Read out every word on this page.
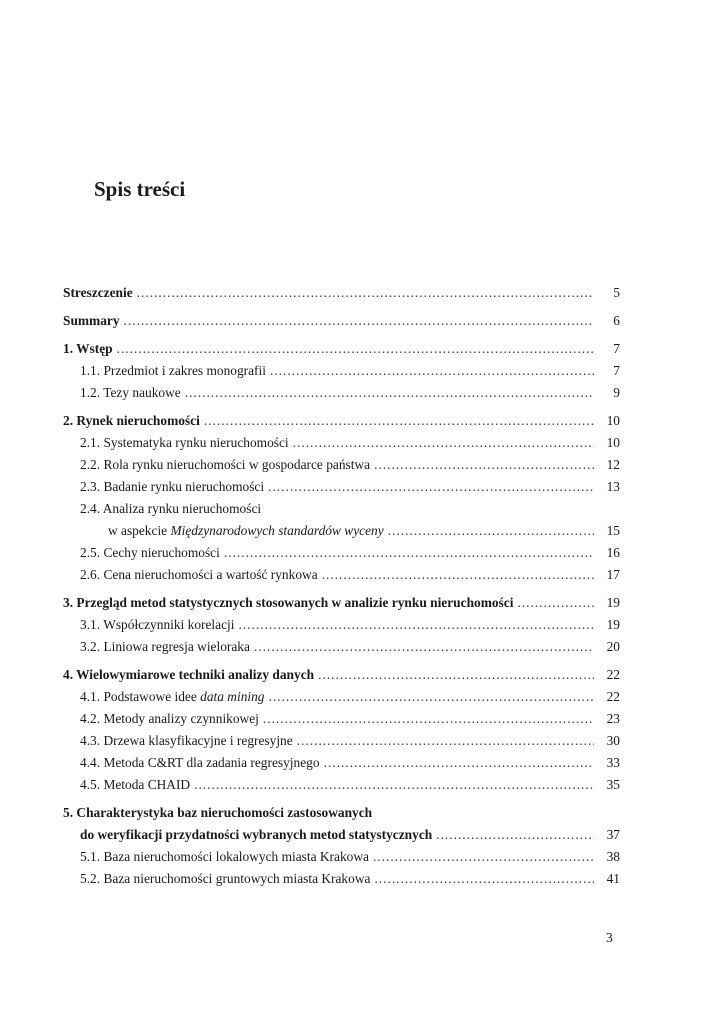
Spis treści
Streszczenie .....	5
Summary .....	6
1. Wstęp .....	7
1.1. Przedmiot i zakres monografii .....	7
1.2. Tezy naukowe .....	9
2. Rynek nieruchomości .....	10
2.1. Systematyka rynku nieruchomości .....	10
2.2. Rola rynku nieruchomości w gospodarce państwa .....	12
2.3. Badanie rynku nieruchomości .....	13
2.4. Analiza rynku nieruchomości
w aspekcie Międzynarodowych standardów wyceny .....	15
2.5. Cechy nieruchomości .....	16
2.6. Cena nieruchomości a wartość rynkowa .....	17
3. Przegląd metod statystycznych stosowanych w analizie rynku nieruchomości .....	19
3.1. Współczynniki korelacji .....	19
3.2. Liniowa regresja wieloraka .....	20
4. Wielowymiarowe techniki analizy danych .....	22
4.1. Podstawowe idee data mining .....	22
4.2. Metody analizy czynnikowej .....	23
4.3. Drzewa klasyfikacyjne i regresyjne .....	30
4.4. Metoda C&RT dla zadania regresyjnego .....	33
4.5. Metoda CHAID .....	35
5. Charakterystyka baz nieruchomości zastosowanych
do weryfikacji przydatności wybranych metod statystycznych .....	37
5.1. Baza nieruchomości lokalowych miasta Krakowa .....	38
5.2. Baza nieruchomości gruntowych miasta Krakowa .....	41
3
